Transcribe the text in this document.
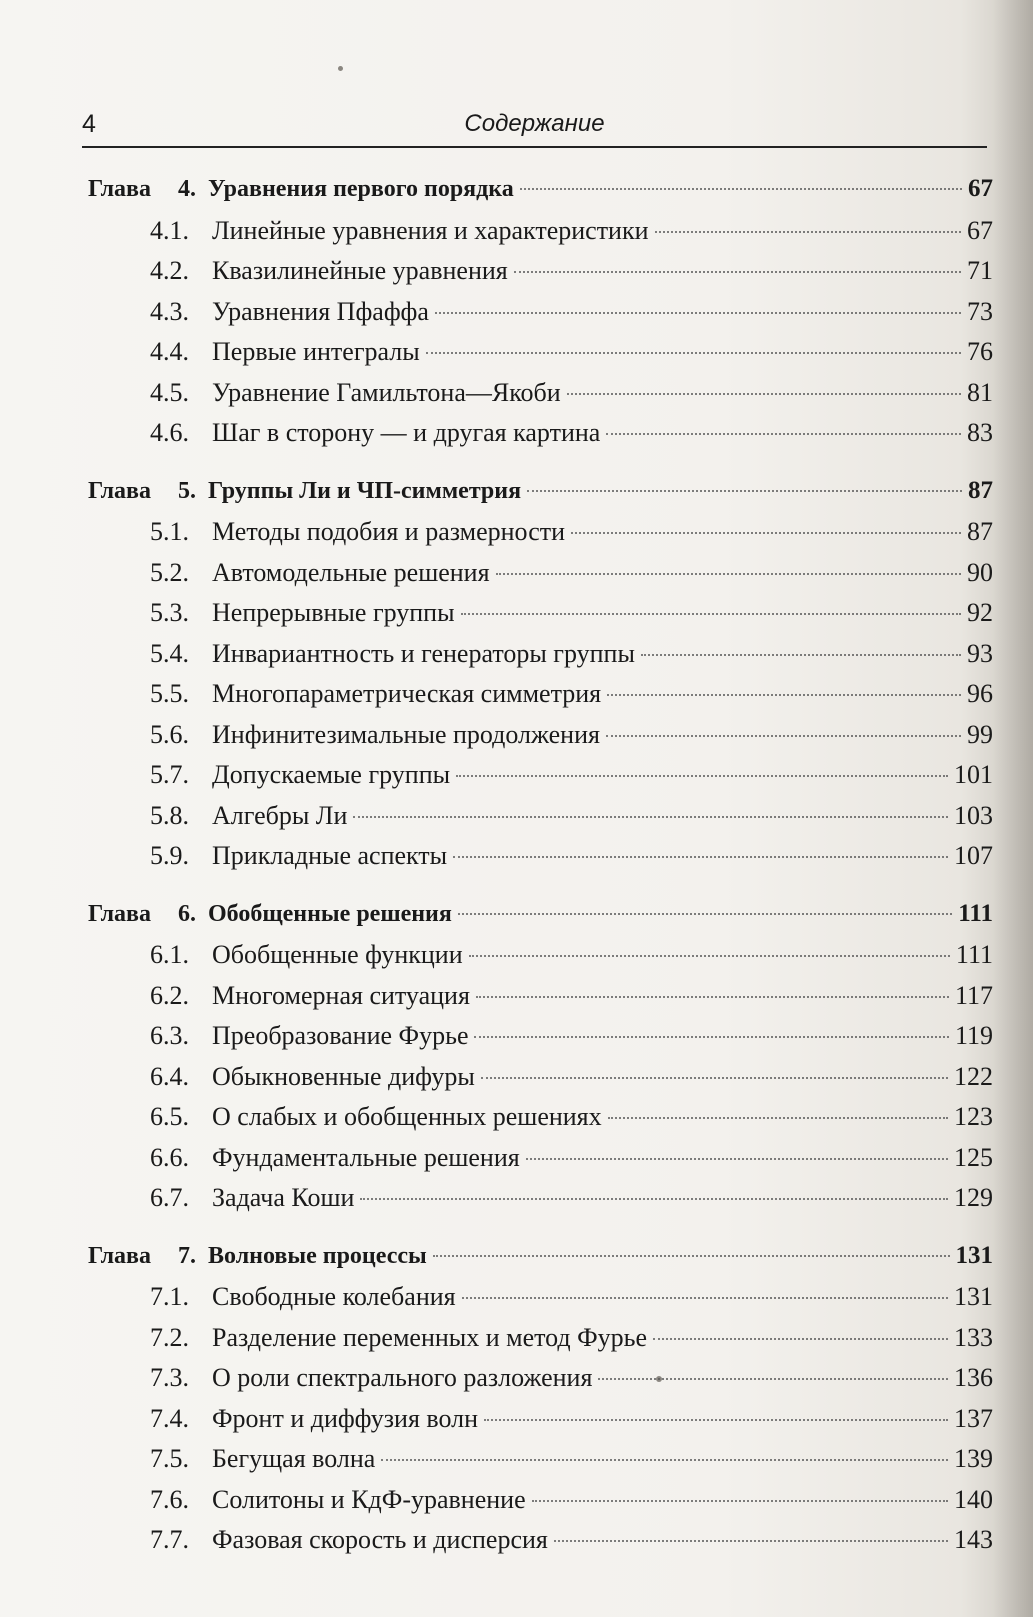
4	Содержание
Глава	4. Уравнения первого порядка	67
4.1. Линейные уравнения и характеристики	67
4.2. Квазилинейные уравнения	71
4.3. Уравнения Пфаффа	73
4.4. Первые интегралы	76
4.5. Уравнение Гамильтона—Якоби	81
4.6. Шаг в сторону — и другая картина	83
Глава	5. Группы Ли и ЧП-симметрия	87
5.1. Методы подобия и размерности	87
5.2. Автомодельные решения	90
5.3. Непрерывные группы	92
5.4. Инвариантность и генераторы группы	93
5.5. Многопараметрическая симметрия	96
5.6. Инфинитезимальные продолжения	99
5.7. Допускаемые группы	101
5.8. Алгебры Ли	103
5.9. Прикладные аспекты	107
Глава	6. Обобщенные решения	111
6.1. Обобщенные функции	111
6.2. Многомерная ситуация	117
6.3. Преобразование Фурье	119
6.4. Обыкновенные дифуры	122
6.5. О слабых и обобщенных решениях	123
6.6. Фундаментальные решения	125
6.7. Задача Коши	129
Глава	7. Волновые процессы	131
7.1. Свободные колебания	131
7.2. Разделение переменных и метод Фурье	133
7.3. О роли спектрального разложения	136
7.4. Фронт и диффузия волн	137
7.5. Бегущая волна	139
7.6. Солитоны и КдФ-уравнение	140
7.7. Фазовая скорость и дисперсия	143
